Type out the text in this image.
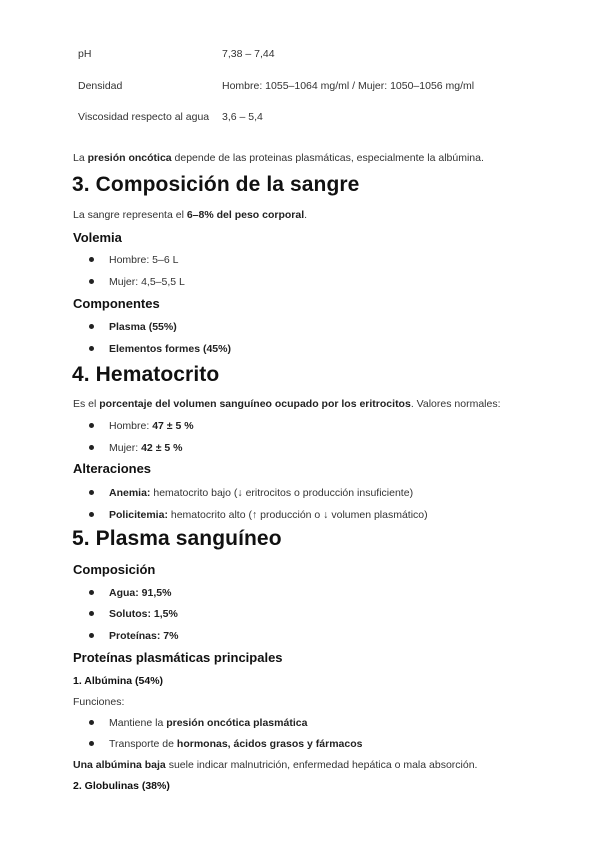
pH	7,38 – 7,44
Densidad	Hombre: 1055–1064 mg/ml / Mujer: 1050–1056 mg/ml
Viscosidad respecto al agua	3,6 – 5,4
La presión oncótica depende de las proteinas plasmáticas, especialmente la albúmina.
3. Composición de la sangre
La sangre representa el 6–8% del peso corporal.
Volemia
Hombre: 5–6 L
Mujer: 4,5–5,5 L
Componentes
Plasma (55%)
Elementos formes (45%)
4. Hematocrito
Es el porcentaje del volumen sanguíneo ocupado por los eritrocitos. Valores normales:
Hombre: 47 ± 5 %
Mujer: 42 ± 5 %
Alteraciones
Anemia: hematocrito bajo (↓ eritrocitos o producción insuficiente)
Policitemia: hematocrito alto (↑ producción o ↓ volumen plasmático)
5. Plasma sanguíneo
Composición
Agua: 91,5%
Solutos: 1,5%
Proteínas: 7%
Proteínas plasmáticas principales
1. Albúmina (54%)
Funciones:
Mantiene la presión oncótica plasmática
Transporte de hormonas, ácidos grasos y fármacos
Una albúmina baja suele indicar malnutrición, enfermedad hepática o mala absorción.
2. Globulinas (38%)
